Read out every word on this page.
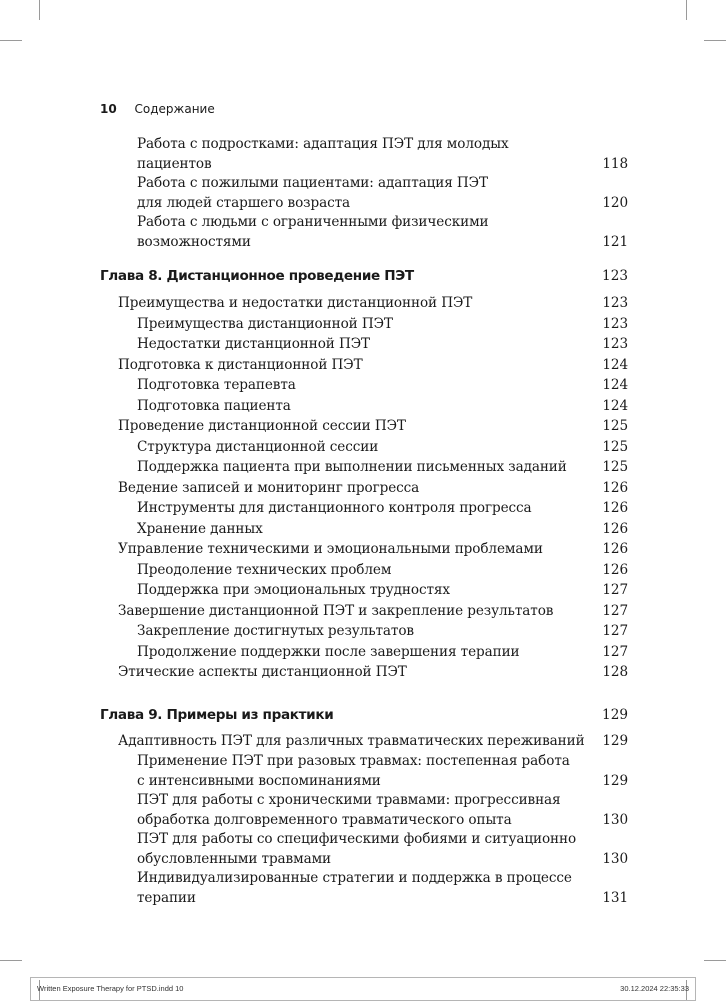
10 Содержание
Работа с подростками: адаптация ПЭТ для молодых
пациентов	118
Работа с пожилыми пациентами: адаптация ПЭТ
для людей старшего возраста	120
Работа с людьми с ограниченными физическими
возможностями	121
Глава 8. Дистанционное проведение ПЭТ	123
Преимущества и недостатки дистанционной ПЭТ	123
Преимущества дистанционной ПЭТ	123
Недостатки дистанционной ПЭТ	123
Подготовка к дистанционной ПЭТ	124
Подготовка терапевта	124
Подготовка пациента	124
Проведение дистанционной сессии ПЭТ	125
Структура дистанционной сессии	125
Поддержка пациента при выполнении письменных заданий	125
Ведение записей и мониторинг прогресса	126
Инструменты для дистанционного контроля прогресса	126
Хранение данных	126
Управление техническими и эмоциональными проблемами	126
Преодоление технических проблем	126
Поддержка при эмоциональных трудностях	127
Завершение дистанционной ПЭТ и закрепление результатов	127
Закрепление достигнутых результатов	127
Продолжение поддержки после завершения терапии	127
Этические аспекты дистанционной ПЭТ	128
Глава 9. Примеры из практики	129
Адаптивность ПЭТ для различных травматических переживаний	129
Применение ПЭТ при разовых травмах: постепенная работа
с интенсивными воспоминаниями	129
ПЭТ для работы с хроническими травмами: прогрессивная
обработка долговременного травматического опыта	130
ПЭТ для работы со специфическими фобиями и ситуационно
обусловленными травмами	130
Индивидуализированные стратегии и поддержка в процессе
терапии	131
Written Exposure Therapy for PTSD.indd 10	30.12.2024 22:35:33
